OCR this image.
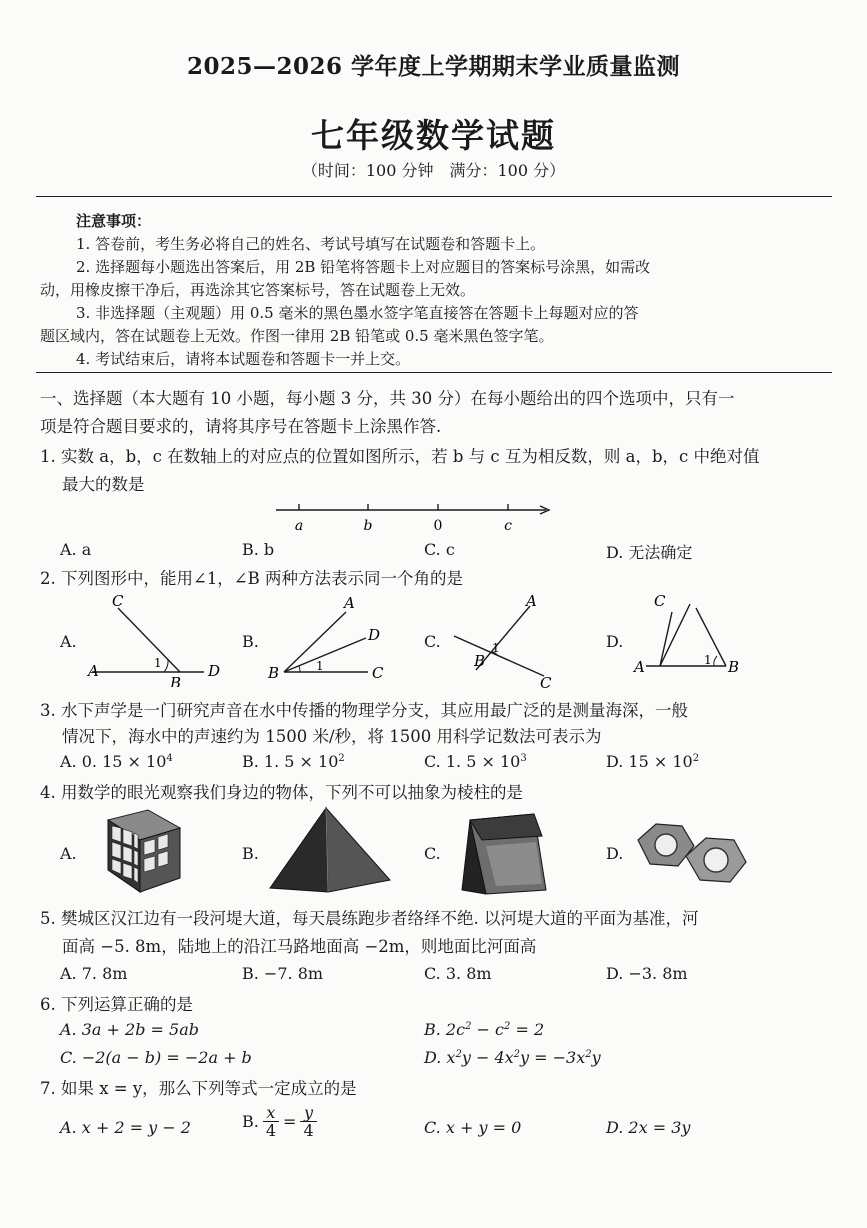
2025—2026 学年度上学期期末学业质量监测
七年级数学试题
（时间：100 分钟　满分：100 分）
注意事项：
1. 答卷前，考生务必将自己的姓名、考试号填写在试题卷和答题卡上。
2. 选择题每小题选出答案后，用 2B 铅笔将答题卡上对应题目的答案标号涂黑，如需改
动，用橡皮擦干净后，再选涂其它答案标号，答在试题卷上无效。
3. 非选择题（主观题）用 0.5 毫米的黑色墨水签字笔直接答在答题卡上每题对应的答
题区域内，答在试题卷上无效。作图一律用 2B 铅笔或 0.5 毫米黑色签字笔。
4. 考试结束后，请将本试题卷和答题卡一并上交。
一、选择题（本大题有 10 小题，每小题 3 分，共 30 分）在每小题给出的四个选项中，只有一
项是符合题目要求的，请将其序号在答题卡上涂黑作答.
1. 实数 a，b，c 在数轴上的对应点的位置如图所示，若 b 与 c 互为相反数，则 a，b，c 中绝对值
最大的数是
a	b	0	c
A. a	B. b	C. c	D. 无法确定
2. 下列图形中，能用∠1，∠B 两种方法表示同一个角的是
A.
C
A
B
D
1
B.
A
D
B	C
1
C.
A
B
C
1	D.
C
A	B
1
3. 水下声学是一门研究声音在水中传播的物理学分支，其应用最广泛的是测量海深，一般
情况下，海水中的声速约为 1500 米/秒，将 1500 用科学记数法可表示为
A. 0. $15 \times 10^4$	B. 1. $5 \times 10^2$	C. 1. $5 \times 10^3$	D. $15 \times 10^2$
4. 用数学的眼光观察我们身边的物体，下列不可以抽象为棱柱的是
A.	B.	C.	D.
5. 樊城区汉江边有一段河堤大道，每天晨练跑步者络绎不绝. 以河堤大道的平面为基准，河
面高 −5. 8m，陆地上的沿江马路地面高 −2m，则地面比河面高
A. 7. 8m	B. −7. 8m	C. 3. 8m	D. −3. 8m
6. 下列运算正确的是
A. 3a + 2b = 5ab	B. $2c^2 - c^2 = 2$
C. −2(a − b) = −2a + b	D. $x^2y - 4x^2y = -3x^2y$
7. 如果 x = y，那么下列等式一定成立的是
A. x + 2 = y − 2	B. $\frac{x}{4} = \frac{y}{4}$	C. x + y = 0	D. 2x = 3y
